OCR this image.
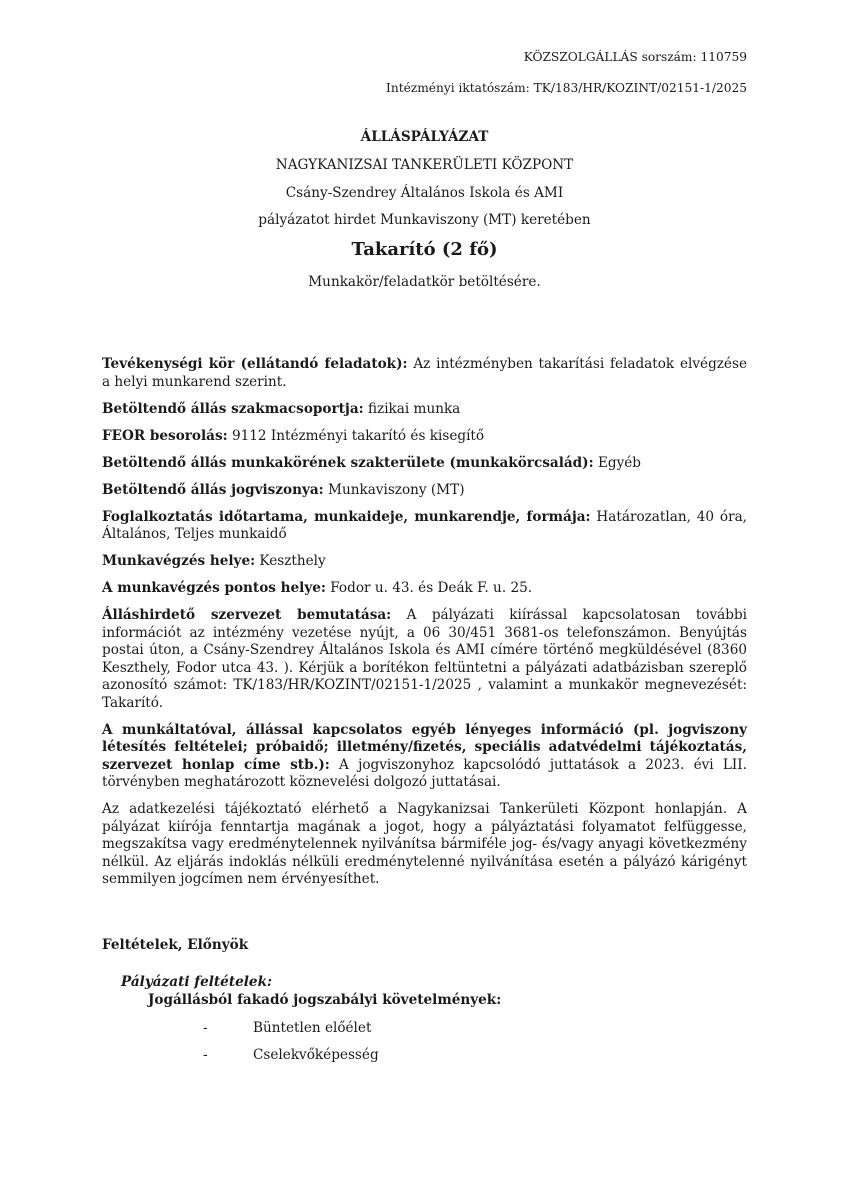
KÖZSZOLGÁLLÁS sorszám: 110759
Intézményi iktatószám: TK/183/HR/KOZINT/02151-1/2025
ÁLLÁSPÁLYÁZAT
NAGYKANIZSAI TANKERÜLETI KÖZPONT
Csány-Szendrey Általános Iskola és AMI
pályázatot hirdet Munkaviszony (MT) keretében
Takarító (2 fő)
Munkakör/feladatkör betöltésére.

Tevékenységi kör (ellátandó feladatok): Az intézményben takarítási feladatok elvégzése a helyi munkarend szerint.

Betöltendő állás szakmacsoportja: fizikai munka

FEOR besorolás: 9112 Intézményi takarító és kisegítő

Betöltendő állás munkakörének szakterülete (munkakörcsalád): Egyéb

Betöltendő állás jogviszonya: Munkaviszony (MT)

Foglalkoztatás időtartama, munkaideje, munkarendje, formája: Határozatlan, 40 óra, Általános, Teljes munkaidő

Munkavégzés helye: Keszthely

A munkavégzés pontos helye: Fodor u. 43. és Deák F. u. 25.

Álláshirdető szervezet bemutatása: A pályázati kiírással kapcsolatosan további információt az intézmény vezetése nyújt, a 06 30/451 3681-os telefonszámon. Benyújtás postai úton, a Csány-Szendrey Általános Iskola és AMI címére történő megküldésével (8360 Keszthely, Fodor utca 43. ). Kérjük a borítékon feltüntetni a pályázati adatbázisban szereplő azonosító számot: TK/183/HR/KOZINT/02151-1/2025 , valamint a munkakör megnevezését: Takarító.

A munkáltatóval, állással kapcsolatos egyéb lényeges információ (pl. jogviszony létesítés feltételei; próbaidő; illetmény/fizetés, speciális adatvédelmi tájékoztatás, szervezet honlap címe stb.): A jogviszonyhoz kapcsolódó juttatások a 2023. évi LII. törvényben meghatározott köznevelési dolgozó juttatásai.

Az adatkezelési tájékoztató elérhető a Nagykanizsai Tankerületi Központ honlapján. A pályázat kiírója fenntartja magának a jogot, hogy a pályáztatási folyamatot felfüggesse, megszakítsa vagy eredménytelennek nyilvánítsa bármiféle jog- és/vagy anyagi következmény nélkül. Az eljárás indoklás nélküli eredménytelenné nyilvánítása esetén a pályázó kárigényt semmilyen jogcímen nem érvényesíthet.

Feltételek, Előnyök
Pályázati feltételek:
Jogállásból fakadó jogszabályi követelmények:
-	Büntetlen előélet
-	Cselekvőképesség
